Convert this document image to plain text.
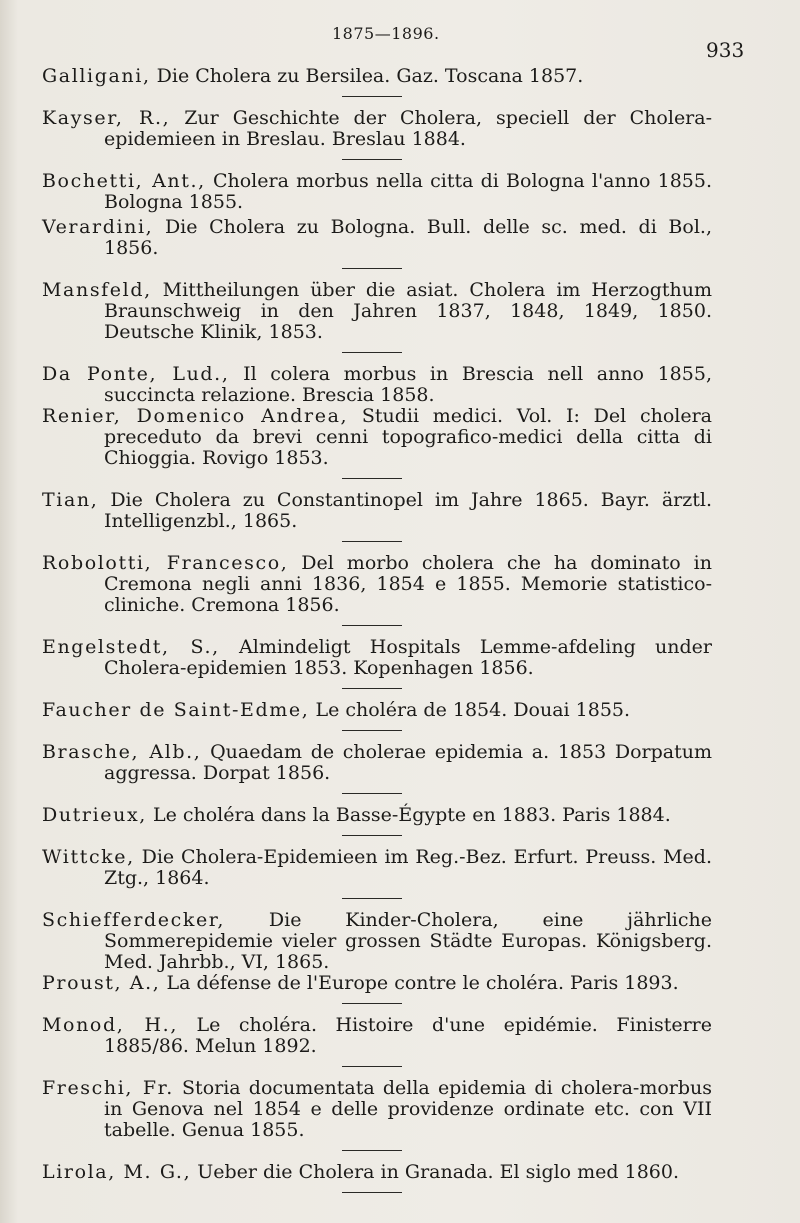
1875—1896.
933

Galligani, Die Cholera zu Bersilea. Gaz. Toscana 1857.

Kayser, R., Zur Geschichte der Cholera, speciell der Cholera-epidemieen in Breslau. Breslau 1884.

Bochetti, Ant., Cholera morbus nella citta di Bologna l'anno 1855. Bologna 1855.

Verardini, Die Cholera zu Bologna. Bull. delle sc. med. di Bol., 1856.

Mansfeld, Mittheilungen über die asiat. Cholera im Herzogthum Braunschweig in den Jahren 1837, 1848, 1849, 1850. Deutsche Klinik, 1853.

Da Ponte, Lud., Il colera morbus in Brescia nell anno 1855, succincta relazione. Brescia 1858.

Renier, Domenico Andrea, Studii medici. Vol. I: Del cholera preceduto da brevi cenni topografico-medici della citta di Chioggia. Rovigo 1853.

Tian, Die Cholera zu Constantinopel im Jahre 1865. Bayr. ärztl. Intelligenzbl., 1865.

Robolotti, Francesco, Del morbo cholera che ha dominato in Cremona negli anni 1836, 1854 e 1855. Memorie statistico-cliniche. Cremona 1856.

Engelstedt, S., Almindeligt Hospitals Lemme-afdeling under Cholera-epidemien 1853. Kopenhagen 1856.

Faucher de Saint-Edme, Le choléra de 1854. Douai 1855.

Brasche, Alb., Quaedam de cholerae epidemia a. 1853 Dorpatum aggressa. Dorpat 1856.

Dutrieux, Le choléra dans la Basse-Égypte en 1883. Paris 1884.

Wittcke, Die Cholera-Epidemieen im Reg.-Bez. Erfurt. Preuss. Med. Ztg., 1864.

Schiefferdecker, Die Kinder-Cholera, eine jährliche Sommerepidemie vieler grossen Städte Europas. Königsberg. Med. Jahrbb., VI, 1865.

Proust, A., La défense de l'Europe contre le choléra. Paris 1893.

Monod, H., Le choléra. Histoire d'une epidémie. Finisterre 1885/86. Melun 1892.

Freschi, Fr. Storia documentata della epidemia di cholera-morbus in Genova nel 1854 e delle providenze ordinate etc. con VII tabelle. Genua 1855.

Lirola, M. G., Ueber die Cholera in Granada. El siglo med 1860.
